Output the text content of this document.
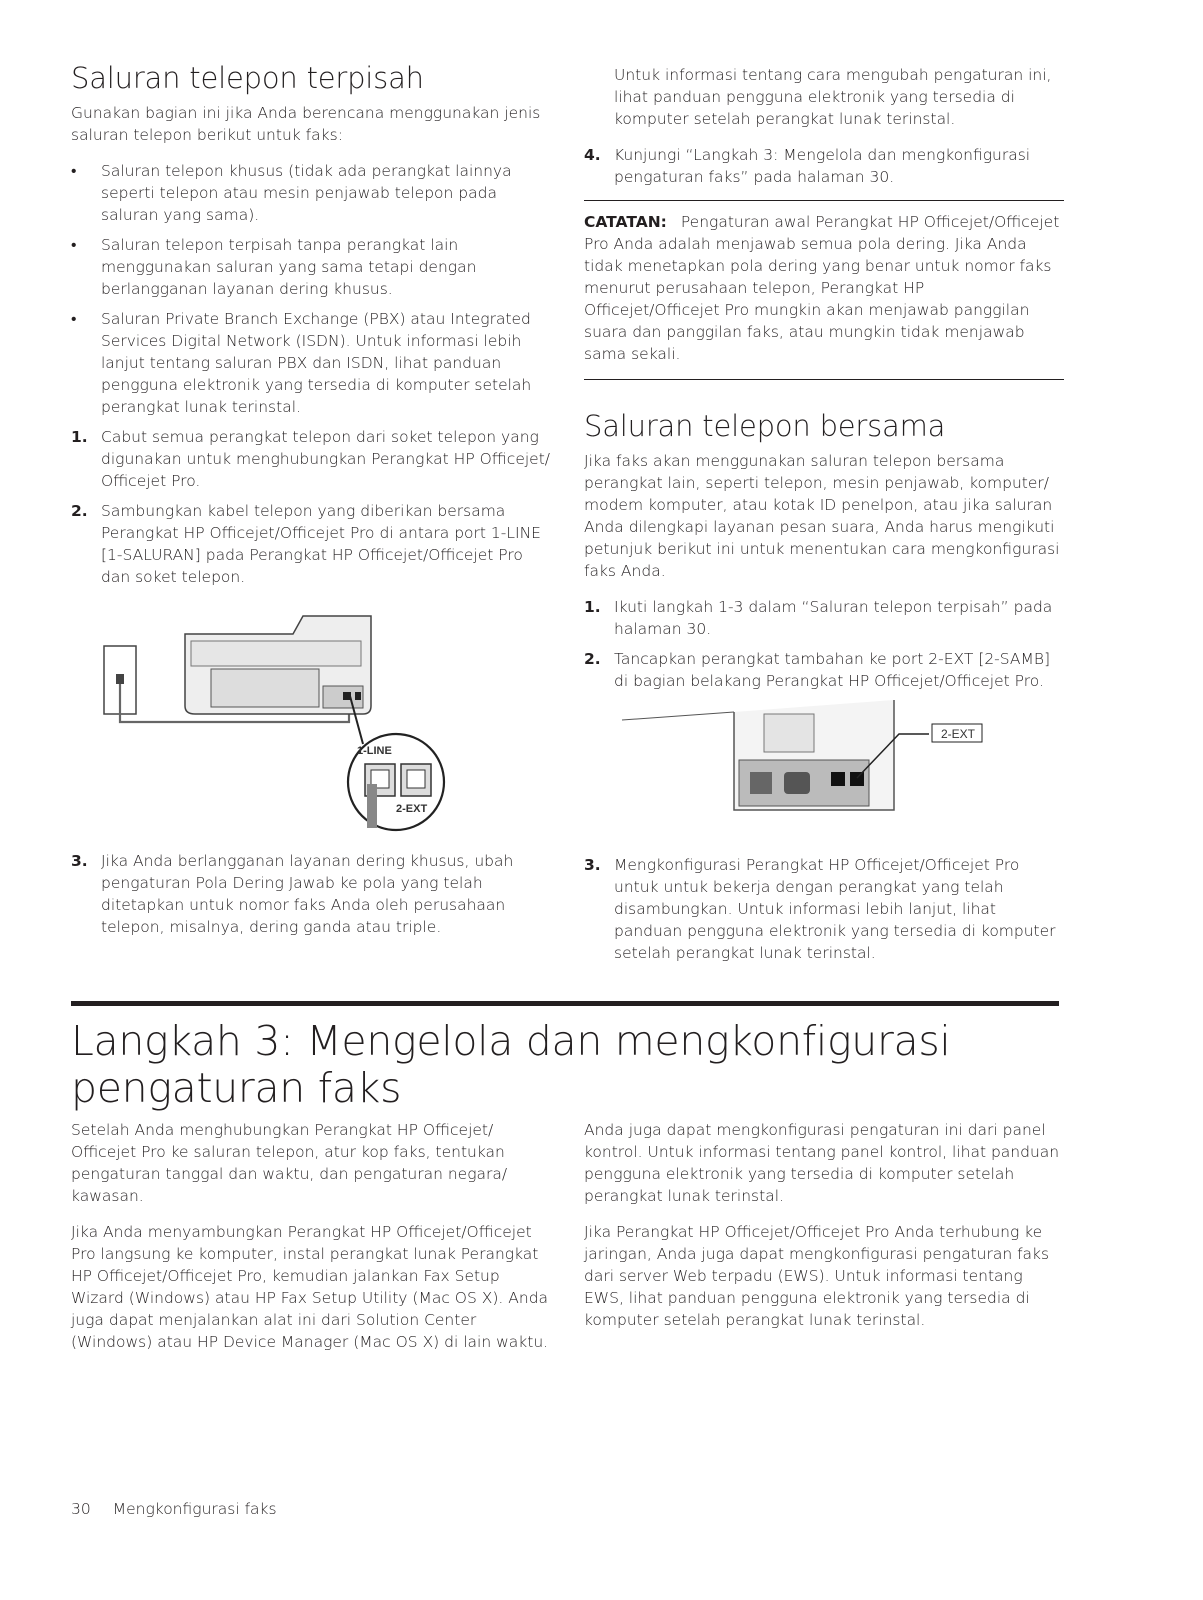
Saluran telepon terpisah

Gunakan bagian ini jika Anda berencana menggunakan jenis saluran telepon berikut untuk faks:

• Saluran telepon khusus (tidak ada perangkat lainnya seperti telepon atau mesin penjawab telepon pada saluran yang sama).
• Saluran telepon terpisah tanpa perangkat lain menggunakan saluran yang sama tetapi dengan berlangganan layanan dering khusus.
• Saluran Private Branch Exchange (PBX) atau Integrated Services Digital Network (ISDN). Untuk informasi lebih lanjut tentang saluran PBX dan ISDN, lihat panduan pengguna elektronik yang tersedia di komputer setelah perangkat lunak terinstal.
1. Cabut semua perangkat telepon dari soket telepon yang digunakan untuk menghubungkan Perangkat HP Officejet/ Officejet Pro.
2. Sambungkan kabel telepon yang diberikan bersama Perangkat HP Officejet/Officejet Pro di antara port 1-LINE [1-SALURAN] pada Perangkat HP Officejet/Officejet Pro dan soket telepon.
1-LINE
2-EXT
3. Jika Anda berlangganan layanan dering khusus, ubah pengaturan Pola Dering Jawab ke pola yang telah ditetapkan untuk nomor faks Anda oleh perusahaan telepon, misalnya, dering ganda atau triple.

Untuk informasi tentang cara mengubah pengaturan ini, lihat panduan pengguna elektronik yang tersedia di komputer setelah perangkat lunak terinstal.

4. Kunjungi “Langkah 3: Mengelola dan mengkonfigurasi pengaturan faks” pada halaman 30.

CATATAN: Pengaturan awal Perangkat HP Officejet/Officejet Pro Anda adalah menjawab semua pola dering. Jika Anda tidak menetapkan pola dering yang benar untuk nomor faks menurut perusahaan telepon, Perangkat HP Officejet/Officejet Pro mungkin akan menjawab panggilan suara dan panggilan faks, atau mungkin tidak menjawab sama sekali.

Saluran telepon bersama

Jika faks akan menggunakan saluran telepon bersama perangkat lain, seperti telepon, mesin penjawab, komputer/ modem komputer, atau kotak ID penelpon, atau jika saluran Anda dilengkapi layanan pesan suara, Anda harus mengikuti petunjuk berikut ini untuk menentukan cara mengkonfigurasi faks Anda.

1. Ikuti langkah 1-3 dalam “Saluran telepon terpisah” pada halaman 30.
2. Tancapkan perangkat tambahan ke port 2-EXT [2-SAMB] di bagian belakang Perangkat HP Officejet/Officejet Pro.
2-EXT
3. Mengkonfigurasi Perangkat HP Officejet/Officejet Pro untuk untuk bekerja dengan perangkat yang telah disambungkan. Untuk informasi lebih lanjut, lihat panduan pengguna elektronik yang tersedia di komputer setelah perangkat lunak terinstal.
Langkah 3: Mengelola dan mengkonfigurasi pengaturan faks

Setelah Anda menghubungkan Perangkat HP Officejet/ Officejet Pro ke saluran telepon, atur kop faks, tentukan pengaturan tanggal dan waktu, dan pengaturan negara/ kawasan.

Jika Anda menyambungkan Perangkat HP Officejet/Officejet Pro langsung ke komputer, instal perangkat lunak Perangkat HP Officejet/Officejet Pro, kemudian jalankan Fax Setup Wizard (Windows) atau HP Fax Setup Utility (Mac OS X). Anda juga dapat menjalankan alat ini dari Solution Center (Windows) atau HP Device Manager (Mac OS X) di lain waktu.

Anda juga dapat mengkonfigurasi pengaturan ini dari panel kontrol. Untuk informasi tentang panel kontrol, lihat panduan pengguna elektronik yang tersedia di komputer setelah perangkat lunak terinstal.

Jika Perangkat HP Officejet/Officejet Pro Anda terhubung ke jaringan, Anda juga dapat mengkonfigurasi pengaturan faks dari server Web terpadu (EWS). Untuk informasi tentang EWS, lihat panduan pengguna elektronik yang tersedia di komputer setelah perangkat lunak terinstal.

30 Mengkonfigurasi faks
